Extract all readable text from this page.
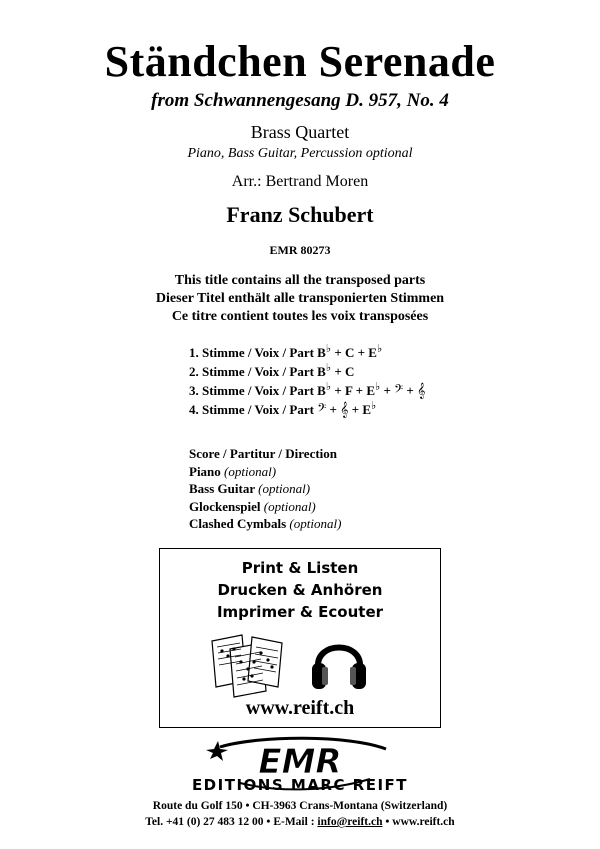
Ständchen Serenade
from Schwannengesang D. 957, No. 4
Brass Quartet
Piano, Bass Guitar, Percussion optional
Arr.: Bertrand Moren
Franz Schubert
EMR 80273
This title contains all the transposed parts
Dieser Titel enthält alle transponierten Stimmen
Ce titre contient toutes les voix transposées
1. Stimme / Voix / Part B♭ + C + E♭
2. Stimme / Voix / Part B♭ + C
3. Stimme / Voix / Part B♭ + F + E♭ + 𝄢 + 𝄞
4. Stimme / Voix / Part 𝄢 + 𝄞 + E♭
Score / Partitur / Direction
Piano (optional)
Bass Guitar (optional)
Glockenspiel (optional)
Clashed Cymbals (optional)
Print & Listen
Drucken & Anhören
Imprimer & Ecouter
www.reift.ch
EMR
EDITIONS MARC REIFT
Route du Golf 150 • CH-3963 Crans-Montana (Switzerland)
Tel. +41 (0) 27 483 12 00 • E-Mail : info@reift.ch • www.reift.ch
